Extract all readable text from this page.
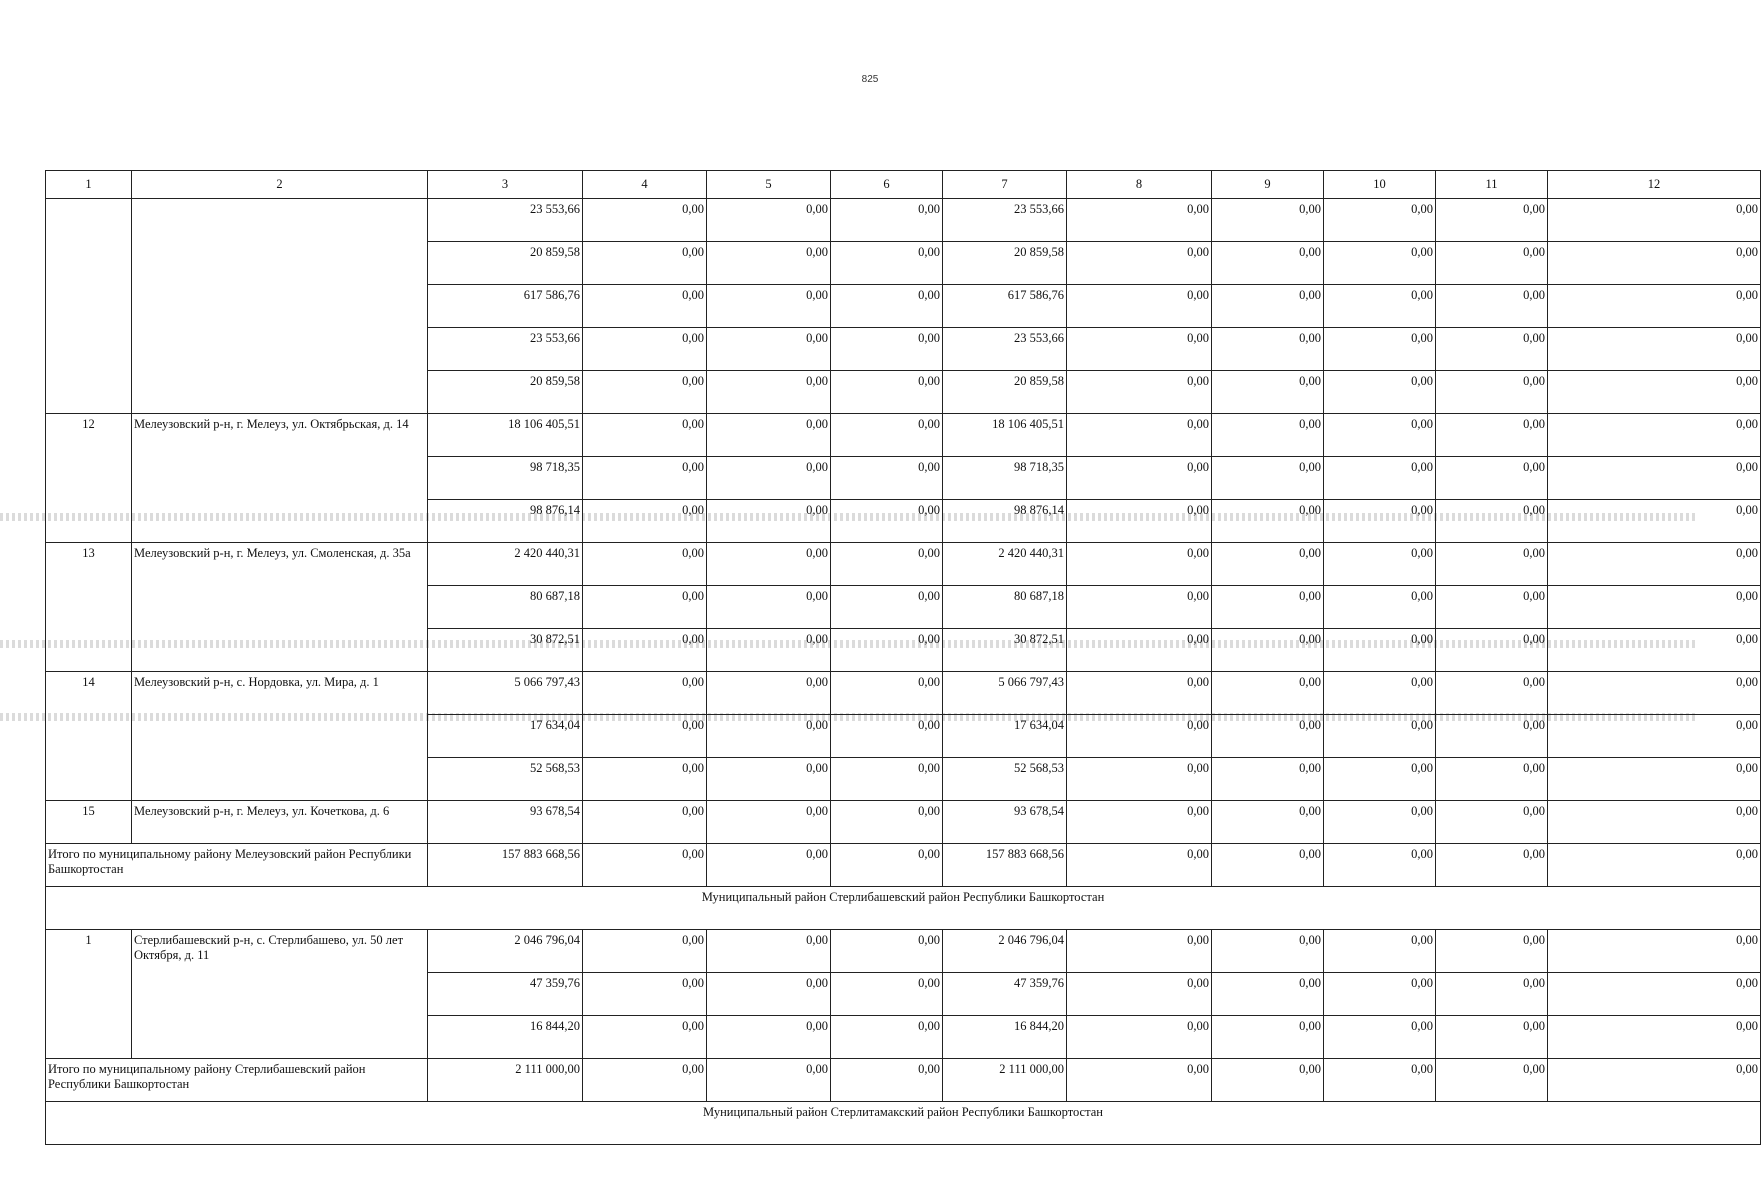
825
1	2	3	4	5	6	7	8	9	10	11	12
		23 553,66	0,00	0,00	0,00	23 553,66	0,00	0,00	0,00	0,00	0,00
		20 859,58	0,00	0,00	0,00	20 859,58	0,00	0,00	0,00	0,00	0,00
		617 586,76	0,00	0,00	0,00	617 586,76	0,00	0,00	0,00	0,00	0,00
		23 553,66	0,00	0,00	0,00	23 553,66	0,00	0,00	0,00	0,00	0,00
		20 859,58	0,00	0,00	0,00	20 859,58	0,00	0,00	0,00	0,00	0,00
12	Мелеузовский р-н, г. Мелеуз, ул. Октябрьская, д. 14	18 106 405,51	0,00	0,00	0,00	18 106 405,51	0,00	0,00	0,00	0,00	0,00
		98 718,35	0,00	0,00	0,00	98 718,35	0,00	0,00	0,00	0,00	0,00
		98 876,14	0,00	0,00	0,00	98 876,14	0,00	0,00	0,00	0,00	0,00
13	Мелеузовский р-н, г. Мелеуз, ул. Смоленская, д. 35а	2 420 440,31	0,00	0,00	0,00	2 420 440,31	0,00	0,00	0,00	0,00	0,00
		80 687,18	0,00	0,00	0,00	80 687,18	0,00	0,00	0,00	0,00	0,00
		30 872,51	0,00	0,00	0,00	30 872,51	0,00	0,00	0,00	0,00	0,00
14	Мелеузовский р-н, с. Нордовка, ул. Мира, д. 1	5 066 797,43	0,00	0,00	0,00	5 066 797,43	0,00	0,00	0,00	0,00	0,00
		17 634,04	0,00	0,00	0,00	17 634,04	0,00	0,00	0,00	0,00	0,00
		52 568,53	0,00	0,00	0,00	52 568,53	0,00	0,00	0,00	0,00	0,00
15	Мелеузовский р-н, г. Мелеуз, ул. Кочеткова, д. 6	93 678,54	0,00	0,00	0,00	93 678,54	0,00	0,00	0,00	0,00	0,00
Итого по муниципальному району Мелеузовский район Республики Башкортостан		157 883 668,56	0,00	0,00	0,00	157 883 668,56	0,00	0,00	0,00	0,00	0,00
Муниципальный район Стерлибашевский район Республики Башкортостан											
1	Стерлибашевский р-н, с. Стерлибашево, ул. 50 лет Октября, д. 11	2 046 796,04	0,00	0,00	0,00	2 046 796,04	0,00	0,00	0,00	0,00	0,00
		47 359,76	0,00	0,00	0,00	47 359,76	0,00	0,00	0,00	0,00	0,00
		16 844,20	0,00	0,00	0,00	16 844,20	0,00	0,00	0,00	0,00	0,00
Итого по муниципальному району Стерлибашевский район Республики Башкортостан		2 111 000,00	0,00	0,00	0,00	2 111 000,00	0,00	0,00	0,00	0,00	0,00
Муниципальный район Стерлитамакский район Республики Башкортостан											
